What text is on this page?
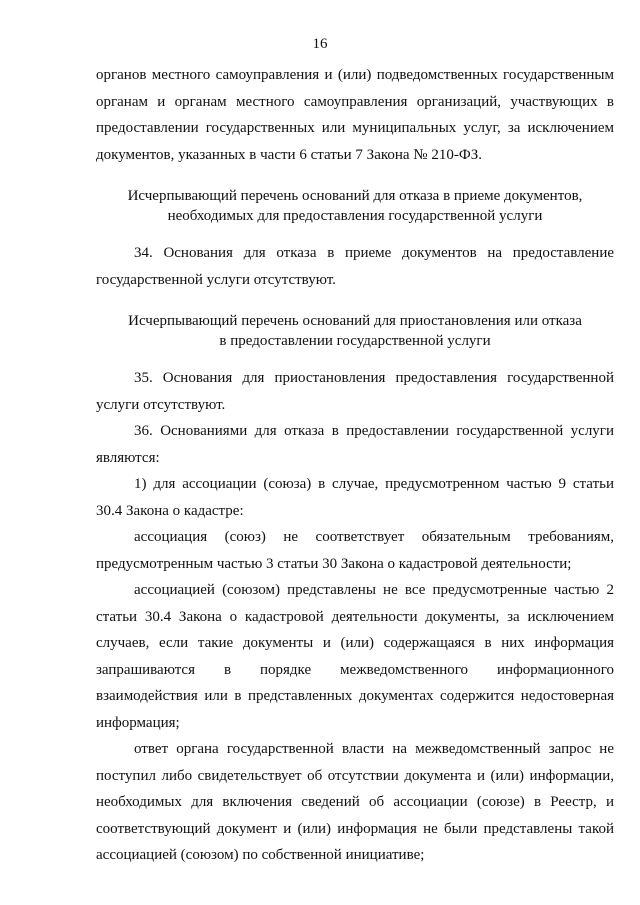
16

органов местного самоуправления и (или) подведомственных государственным органам и органам местного самоуправления организаций, участвующих в предоставлении государственных или муниципальных услуг, за исключением документов, указанных в части 6 статьи 7 Закона № 210-ФЗ.

Исчерпывающий перечень оснований для отказа в приеме документов,
необходимых для предоставления государственной услуги

34. Основания для отказа в приеме документов на предоставление государственной услуги отсутствуют.

Исчерпывающий перечень оснований для приостановления или отказа
в предоставлении государственной услуги

35. Основания для приостановления предоставления государственной услуги отсутствуют.

36. Основаниями для отказа в предоставлении государственной услуги являются:

1) для ассоциации (союза) в случае, предусмотренном частью 9 статьи 30.4 Закона о кадастре:

ассоциация (союз) не соответствует обязательным требованиям, предусмотренным частью 3 статьи 30 Закона о кадастровой деятельности;

ассоциацией (союзом) представлены не все предусмотренные частью 2 статьи 30.4 Закона о кадастровой деятельности документы, за исключением случаев, если такие документы и (или) содержащаяся в них информация запрашиваются в порядке межведомственного информационного взаимодействия или в представленных документах содержится недостоверная информация;

ответ органа государственной власти на межведомственный запрос не поступил либо свидетельствует об отсутствии документа и (или) информации, необходимых для включения сведений об ассоциации (союзе) в Реестр, и соответствующий документ и (или) информация не были представлены такой ассоциацией (союзом) по собственной инициативе;
